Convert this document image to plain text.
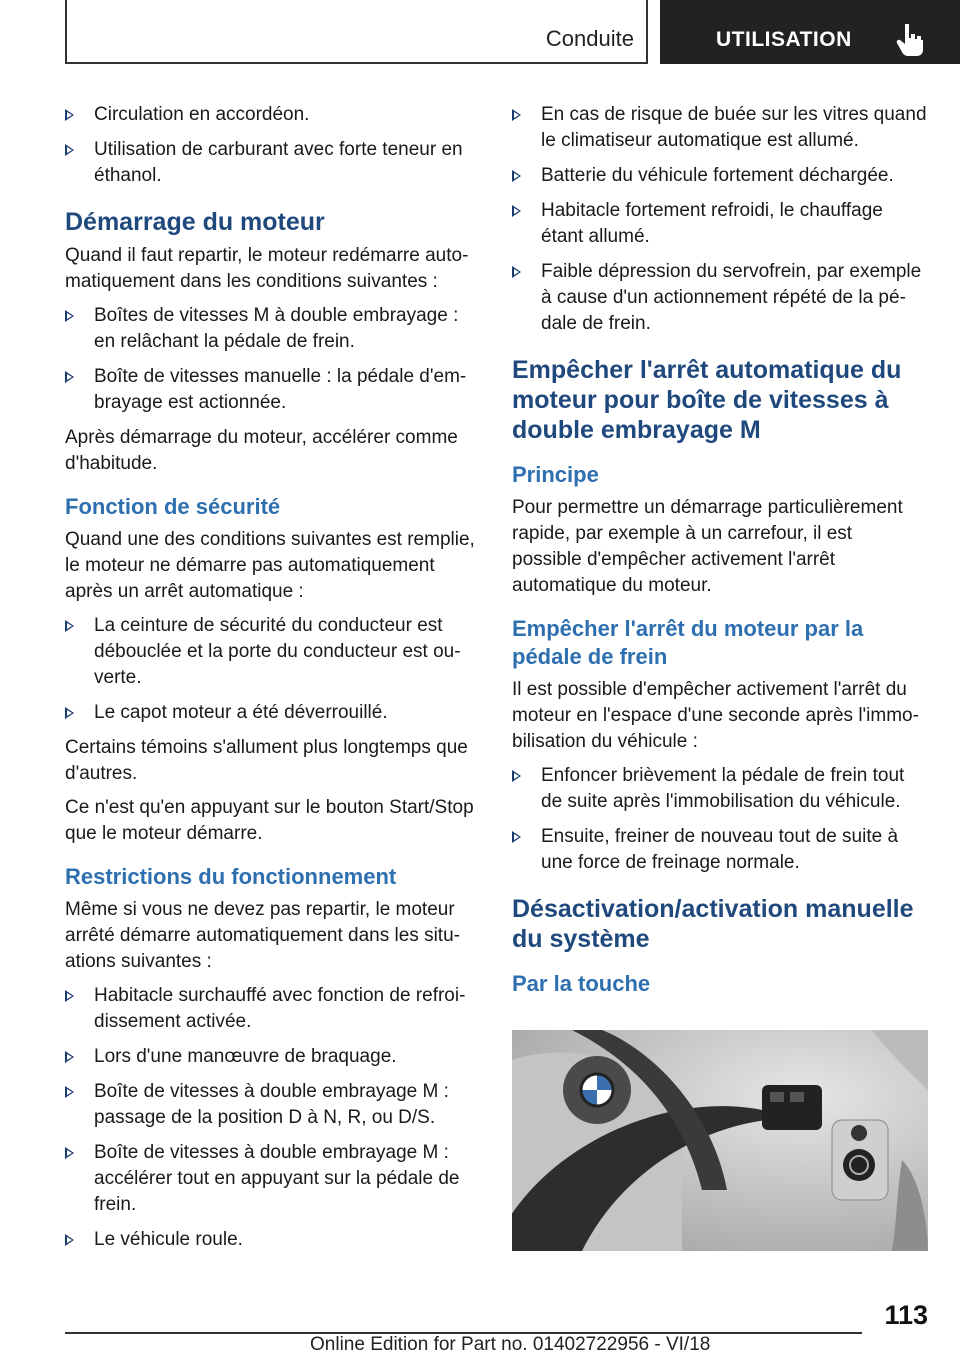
Conduite	UTILISATION
Circulation en accordéon.
Utilisation de carburant avec forte teneur en éthanol.
Démarrage du moteur

Quand il faut repartir, le moteur redémarre automatiquement dans les conditions suivantes :

Boîtes de vitesses M à double embrayage : en relâchant la pédale de frein.
Boîte de vitesses manuelle : la pédale d'embrayage est actionnée.

Après démarrage du moteur, accélérer comme d'habitude.

Fonction de sécurité

Quand une des conditions suivantes est remplie, le moteur ne démarre pas automatiquement après un arrêt automatique :

La ceinture de sécurité du conducteur est débouclée et la porte du conducteur est ouverte.
Le capot moteur a été déverrouillé.

Certains témoins s'allument plus longtemps que d'autres.

Ce n'est qu'en appuyant sur le bouton Start/Stop que le moteur démarre.

Restrictions du fonctionnement

Même si vous ne devez pas repartir, le moteur arrêté démarre automatiquement dans les situations suivantes :

Habitacle surchauffé avec fonction de refroidissement activée.
Lors d'une manœuvre de braquage.
Boîte de vitesses à double embrayage M : passage de la position D à N, R, ou D/S.
Boîte de vitesses à double embrayage M : accélérer tout en appuyant sur la pédale de frein.
Le véhicule roule.
En cas de risque de buée sur les vitres quand le climatiseur automatique est allumé.
Batterie du véhicule fortement déchargée.
Habitacle fortement refroidi, le chauffage étant allumé.
Faible dépression du servofrein, par exemple à cause d'un actionnement répété de la pédale de frein.
Empêcher l'arrêt automatique du moteur pour boîte de vitesses à double embrayage M
Principe

Pour permettre un démarrage particulièrement rapide, par exemple à un carrefour, il est possible d'empêcher activement l'arrêt automatique du moteur.

Empêcher l'arrêt du moteur par la pédale de frein

Il est possible d'empêcher activement l'arrêt du moteur en l'espace d'une seconde après l'immobilisation du véhicule :

Enfoncer brièvement la pédale de frein tout de suite après l'immobilisation du véhicule.
Ensuite, freiner de nouveau tout de suite à une force de freinage normale.
Désactivation/activation manuelle du système
Par la touche
113
Online Edition for Part no. 01402722956 - VI/18
